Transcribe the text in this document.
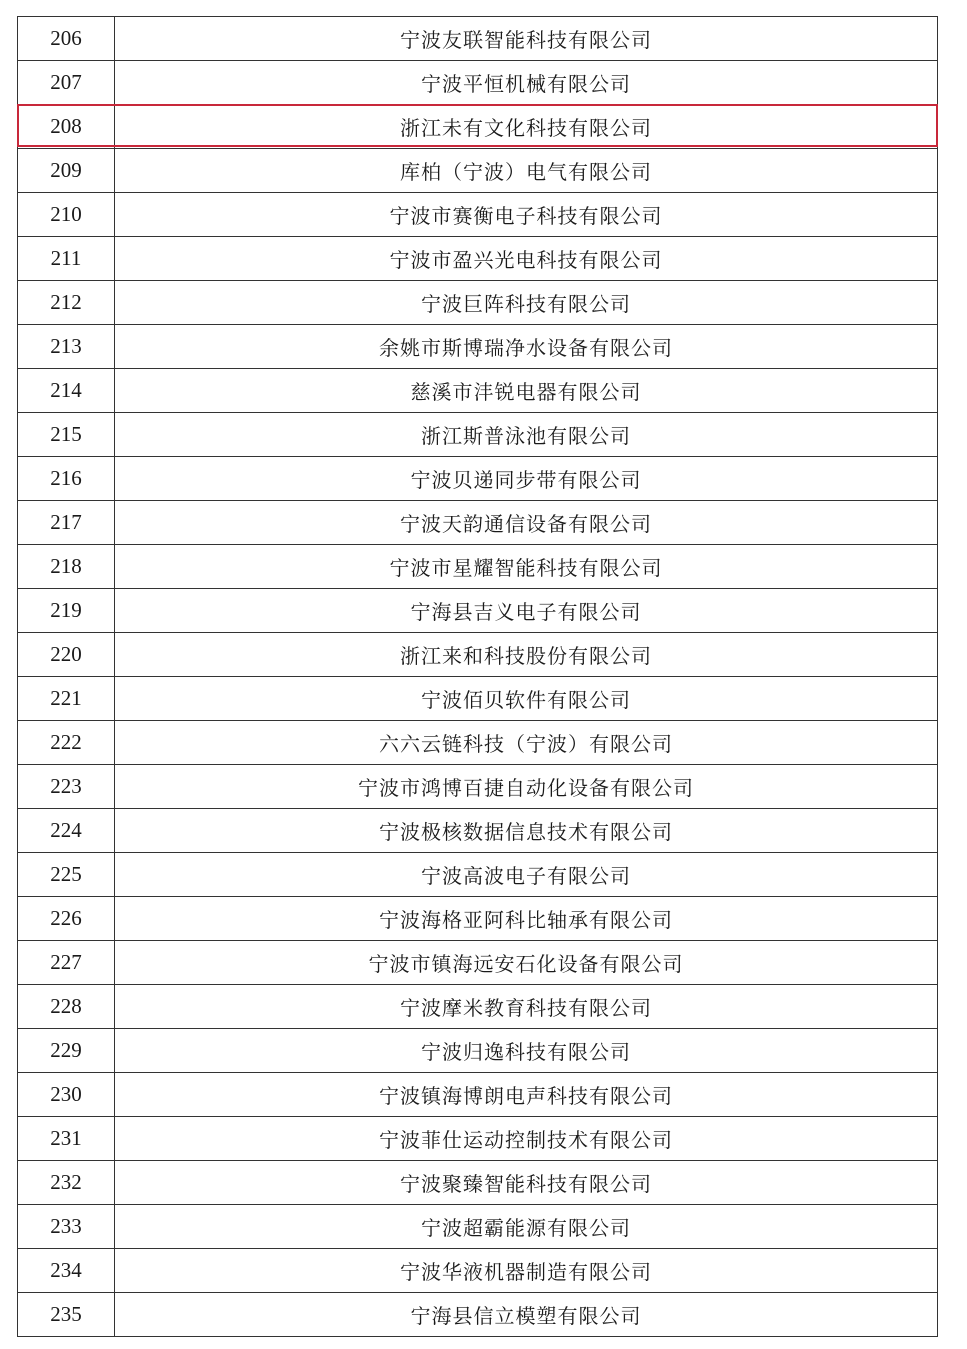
206	宁波友联智能科技有限公司
207	宁波平恒机械有限公司
208	浙江未有文化科技有限公司
209	库柏（宁波）电气有限公司
210	宁波市赛衡电子科技有限公司
211	宁波市盈兴光电科技有限公司
212	宁波巨阵科技有限公司
213	余姚市斯博瑞净水设备有限公司
214	慈溪市沣锐电器有限公司
215	浙江斯普泳池有限公司
216	宁波贝递同步带有限公司
217	宁波天韵通信设备有限公司
218	宁波市星耀智能科技有限公司
219	宁海县吉义电子有限公司
220	浙江来和科技股份有限公司
221	宁波佰贝软件有限公司
222	六六云链科技（宁波）有限公司
223	宁波市鸿博百捷自动化设备有限公司
224	宁波极核数据信息技术有限公司
225	宁波高波电子有限公司
226	宁波海格亚阿科比轴承有限公司
227	宁波市镇海远安石化设备有限公司
228	宁波摩米教育科技有限公司
229	宁波归逸科技有限公司
230	宁波镇海博朗电声科技有限公司
231	宁波菲仕运动控制技术有限公司
232	宁波聚臻智能科技有限公司
233	宁波超霸能源有限公司
234	宁波华液机器制造有限公司
235	宁海县信立模塑有限公司
